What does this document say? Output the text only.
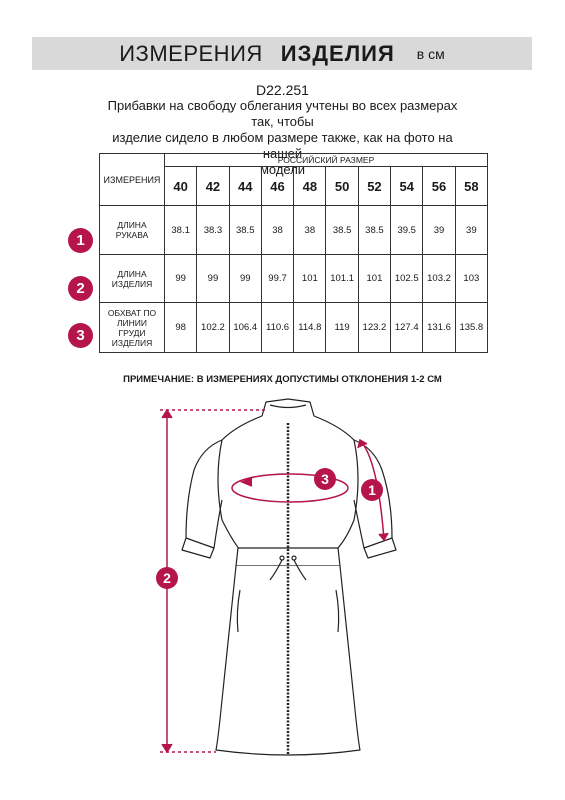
ИЗМЕРЕНИЯ ИЗДЕЛИЯ в см
D22.251
Прибавки на свободу облегания учтены во всех размерах так, чтобы
изделие сидело в любом размере также, как на фото на нашей
модели
ИЗМЕРЕНИЯ	РОССИЙСКИЙ РАЗМЕР									
	40	42	44	46	48	50	52	54	56	58

ДЛИНА
РУКАВА	38.1	38.3	38.5	38	38	38.5	38.5	39.5	39	39

ДЛИНА
ИЗДЕЛИЯ	99	99	99	99.7	101	101.1	101	102.5	103.2	103

ОБХВАТ ПО
ЛИНИИ
ГРУДИ
ИЗДЕЛИЯ	98	102.2	106.4	110.6	114.8	119	123.2	127.4	131.6	135.8
1
2
3
ПРИМЕЧАНИЕ: В ИЗМЕРЕНИЯХ ДОПУСТИМЫ ОТКЛОНЕНИЯ 1-2 СМ
3
1
2
